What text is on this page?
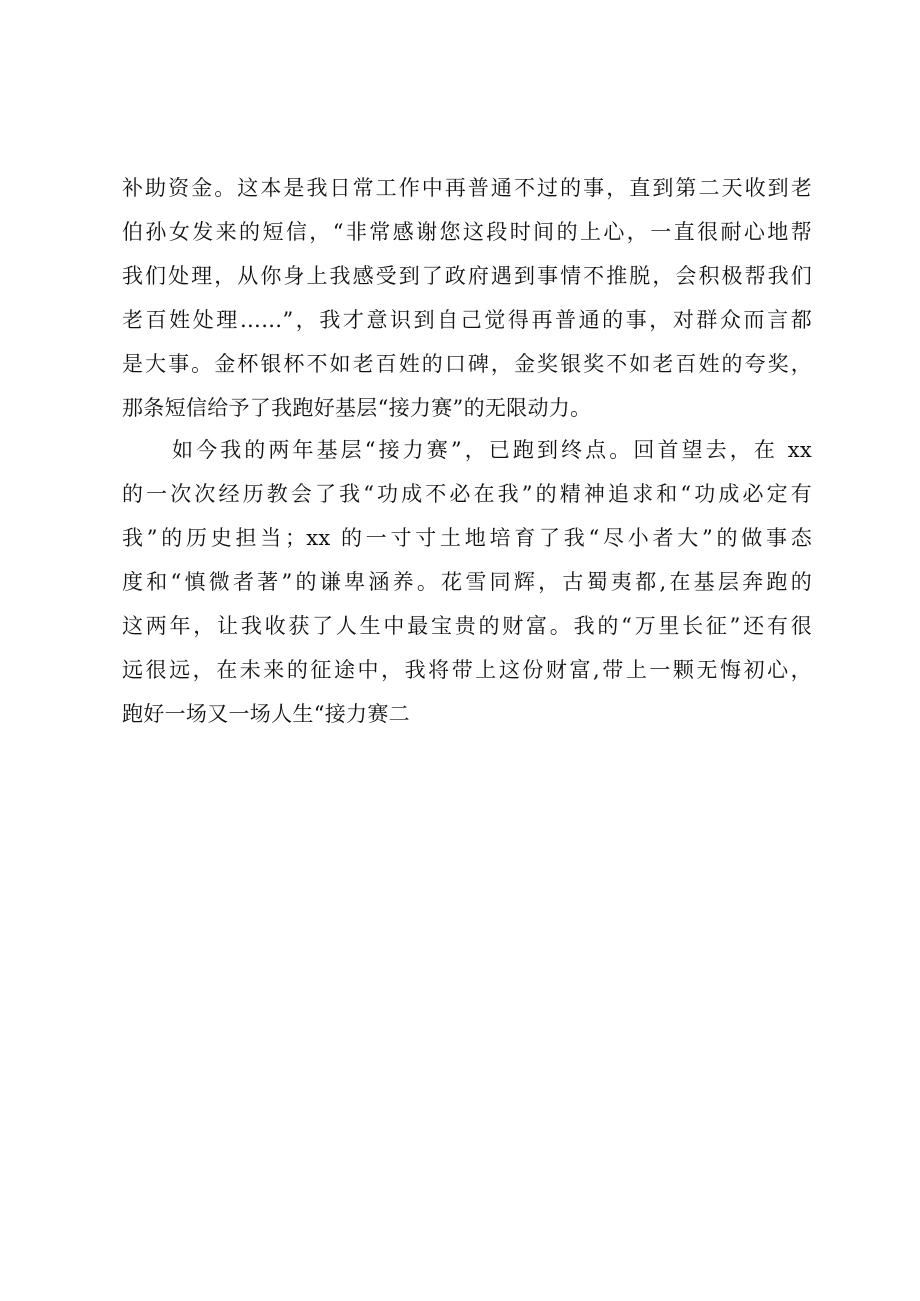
补助资金。这本是我日常工作中再普通不过的事，直到第二天收到老
伯孙女发来的短信，“非常感谢您这段时间的上心，一直很耐心地帮
我们处理，从你身上我感受到了政府遇到事情不推脱，会积极帮我们
老百姓处理……”，我才意识到自己觉得再普通的事，对群众而言都
是大事。金杯银杯不如老百姓的口碑，金奖银奖不如老百姓的夸奖，
那条短信给予了我跑好基层“接力赛”的无限动力。
如今我的两年基层“接力赛”，已跑到终点。回首望去，在 xx
的一次次经历教会了我“功成不必在我”的精神追求和“功成必定有
我”的历史担当；xx 的一寸寸土地培育了我“尽小者大”的做事态
度和“慎微者著”的谦卑涵养。花雪同辉，古蜀夷都,在基层奔跑的
这两年，让我收获了人生中最宝贵的财富。我的“万里长征”还有很
远很远，在未来的征途中，我将带上这份财富,带上一颗无悔初心，
跑好一场又一场人生“接力赛二
